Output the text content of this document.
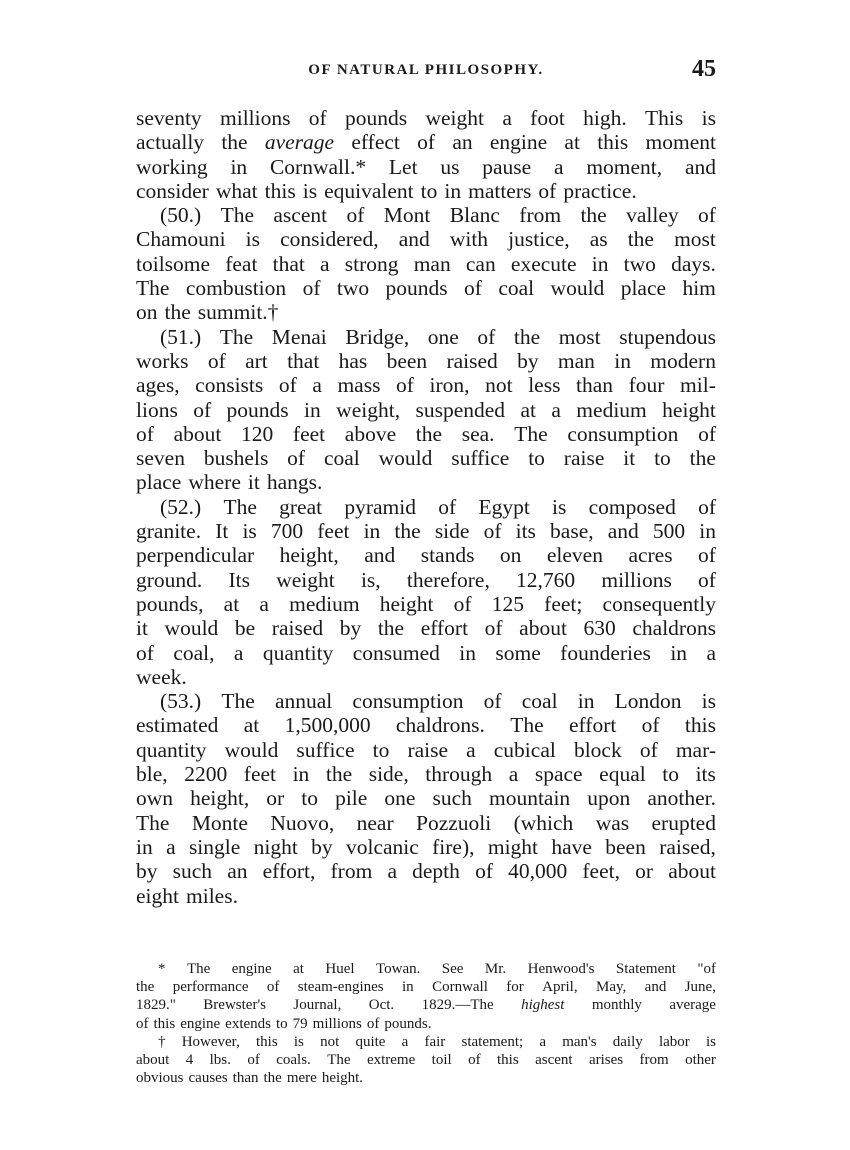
OF NATURAL PHILOSOPHY.	45
seventy millions of pounds weight a foot high. This is
actually the average effect of an engine at this moment
working in Cornwall.* Let us pause a moment, and
consider what this is equivalent to in matters of practice.
(50.) The ascent of Mont Blanc from the valley of
Chamouni is considered, and with justice, as the most
toilsome feat that a strong man can execute in two days.
The combustion of two pounds of coal would place him
on the summit.†
(51.) The Menai Bridge, one of the most stupendous
works of art that has been raised by man in modern
ages, consists of a mass of iron, not less than four mil-
lions of pounds in weight, suspended at a medium height
of about 120 feet above the sea. The consumption of
seven bushels of coal would suffice to raise it to the
place where it hangs.
(52.) The great pyramid of Egypt is composed of
granite. It is 700 feet in the side of its base, and 500 in
perpendicular height, and stands on eleven acres of
ground. Its weight is, therefore, 12,760 millions of
pounds, at a medium height of 125 feet; consequently
it would be raised by the effort of about 630 chaldrons
of coal, a quantity consumed in some founderies in a
week.
(53.) The annual consumption of coal in London is
estimated at 1,500,000 chaldrons. The effort of this
quantity would suffice to raise a cubical block of mar-
ble, 2200 feet in the side, through a space equal to its
own height, or to pile one such mountain upon another.
The Monte Nuovo, near Pozzuoli (which was erupted
in a single night by volcanic fire), might have been raised,
by such an effort, from a depth of 40,000 feet, or about
eight miles.
* The engine at Huel Towan. See Mr. Henwood's Statement "of
the performance of steam-engines in Cornwall for April, May, and June,
1829." Brewster's Journal, Oct. 1829.—The highest monthly average
of this engine extends to 79 millions of pounds.
† However, this is not quite a fair statement; a man's daily labor is
about 4 lbs. of coals. The extreme toil of this ascent arises from other
obvious causes than the mere height.
